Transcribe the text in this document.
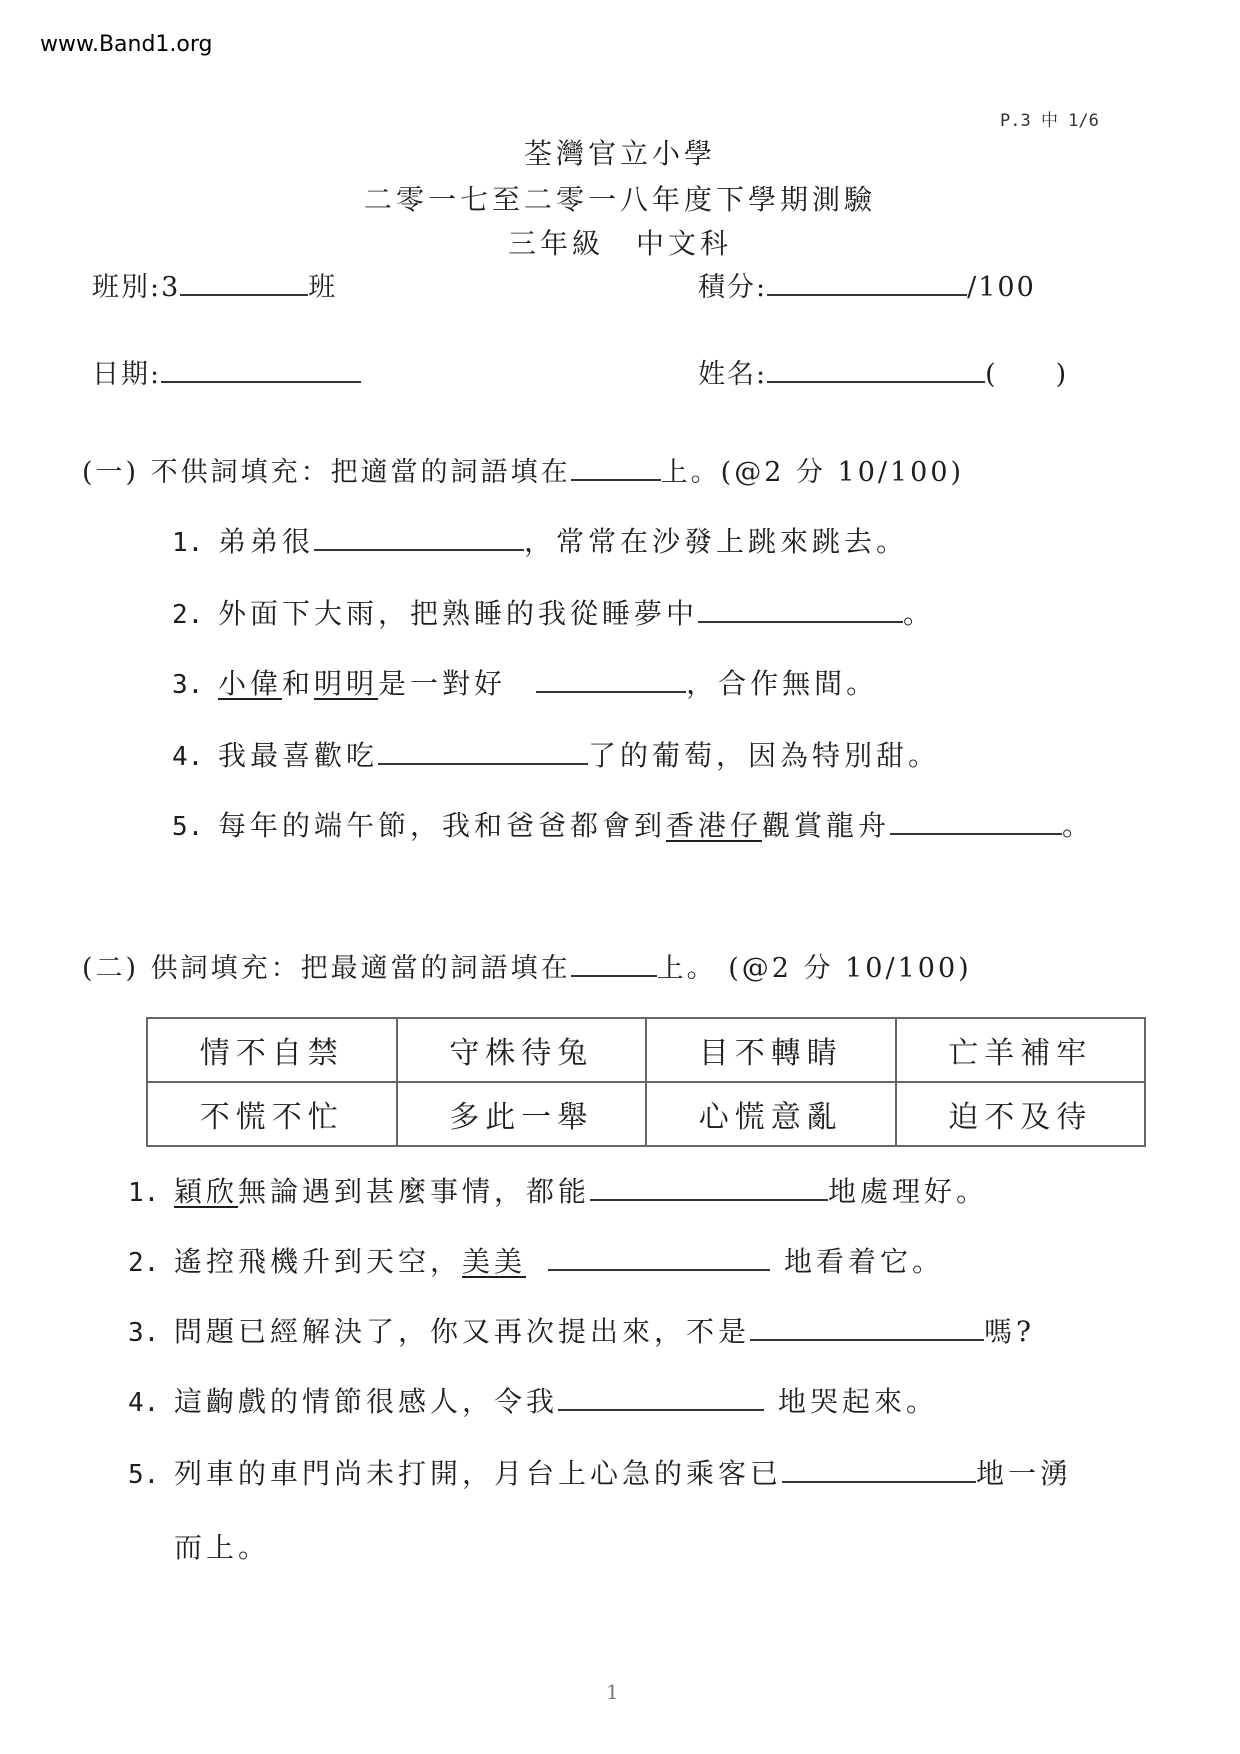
www.Band1.org
P.3 中 1/6
荃灣官立小學
二零一七至二零一八年度下學期測驗
三年級　中文科
班別:3	班	積分:	/100
日期:	姓名:	(　　)
(一) 不供詞填充：把適當的詞語填在	上。(@2 分 10/100)
1. 弟弟很	，常常在沙發上跳來跳去。
2. 外面下大雨，把熟睡的我從睡夢中	。
3. 小偉和明明是一對好	，合作無間。
4. 我最喜歡吃	了的葡萄，因為特別甜。
5. 每年的端午節，我和爸爸都會到香港仔觀賞龍舟	。
(二) 供詞填充：把最適當的詞語填在	上。 (@2 分 10/100)
情不自禁	守株待兔	目不轉睛	亡羊補牢
不慌不忙	多此一舉	心慌意亂	迫不及待
1. 穎欣無論遇到甚麼事情，都能	地處理好。
2. 遙控飛機升到天空，美美	地看着它。
3. 問題已經解決了，你又再次提出來，不是	嗎?
4. 這齣戲的情節很感人，令我	地哭起來。
5. 列車的車門尚未打開，月台上心急的乘客已	地一湧
而上。
1
